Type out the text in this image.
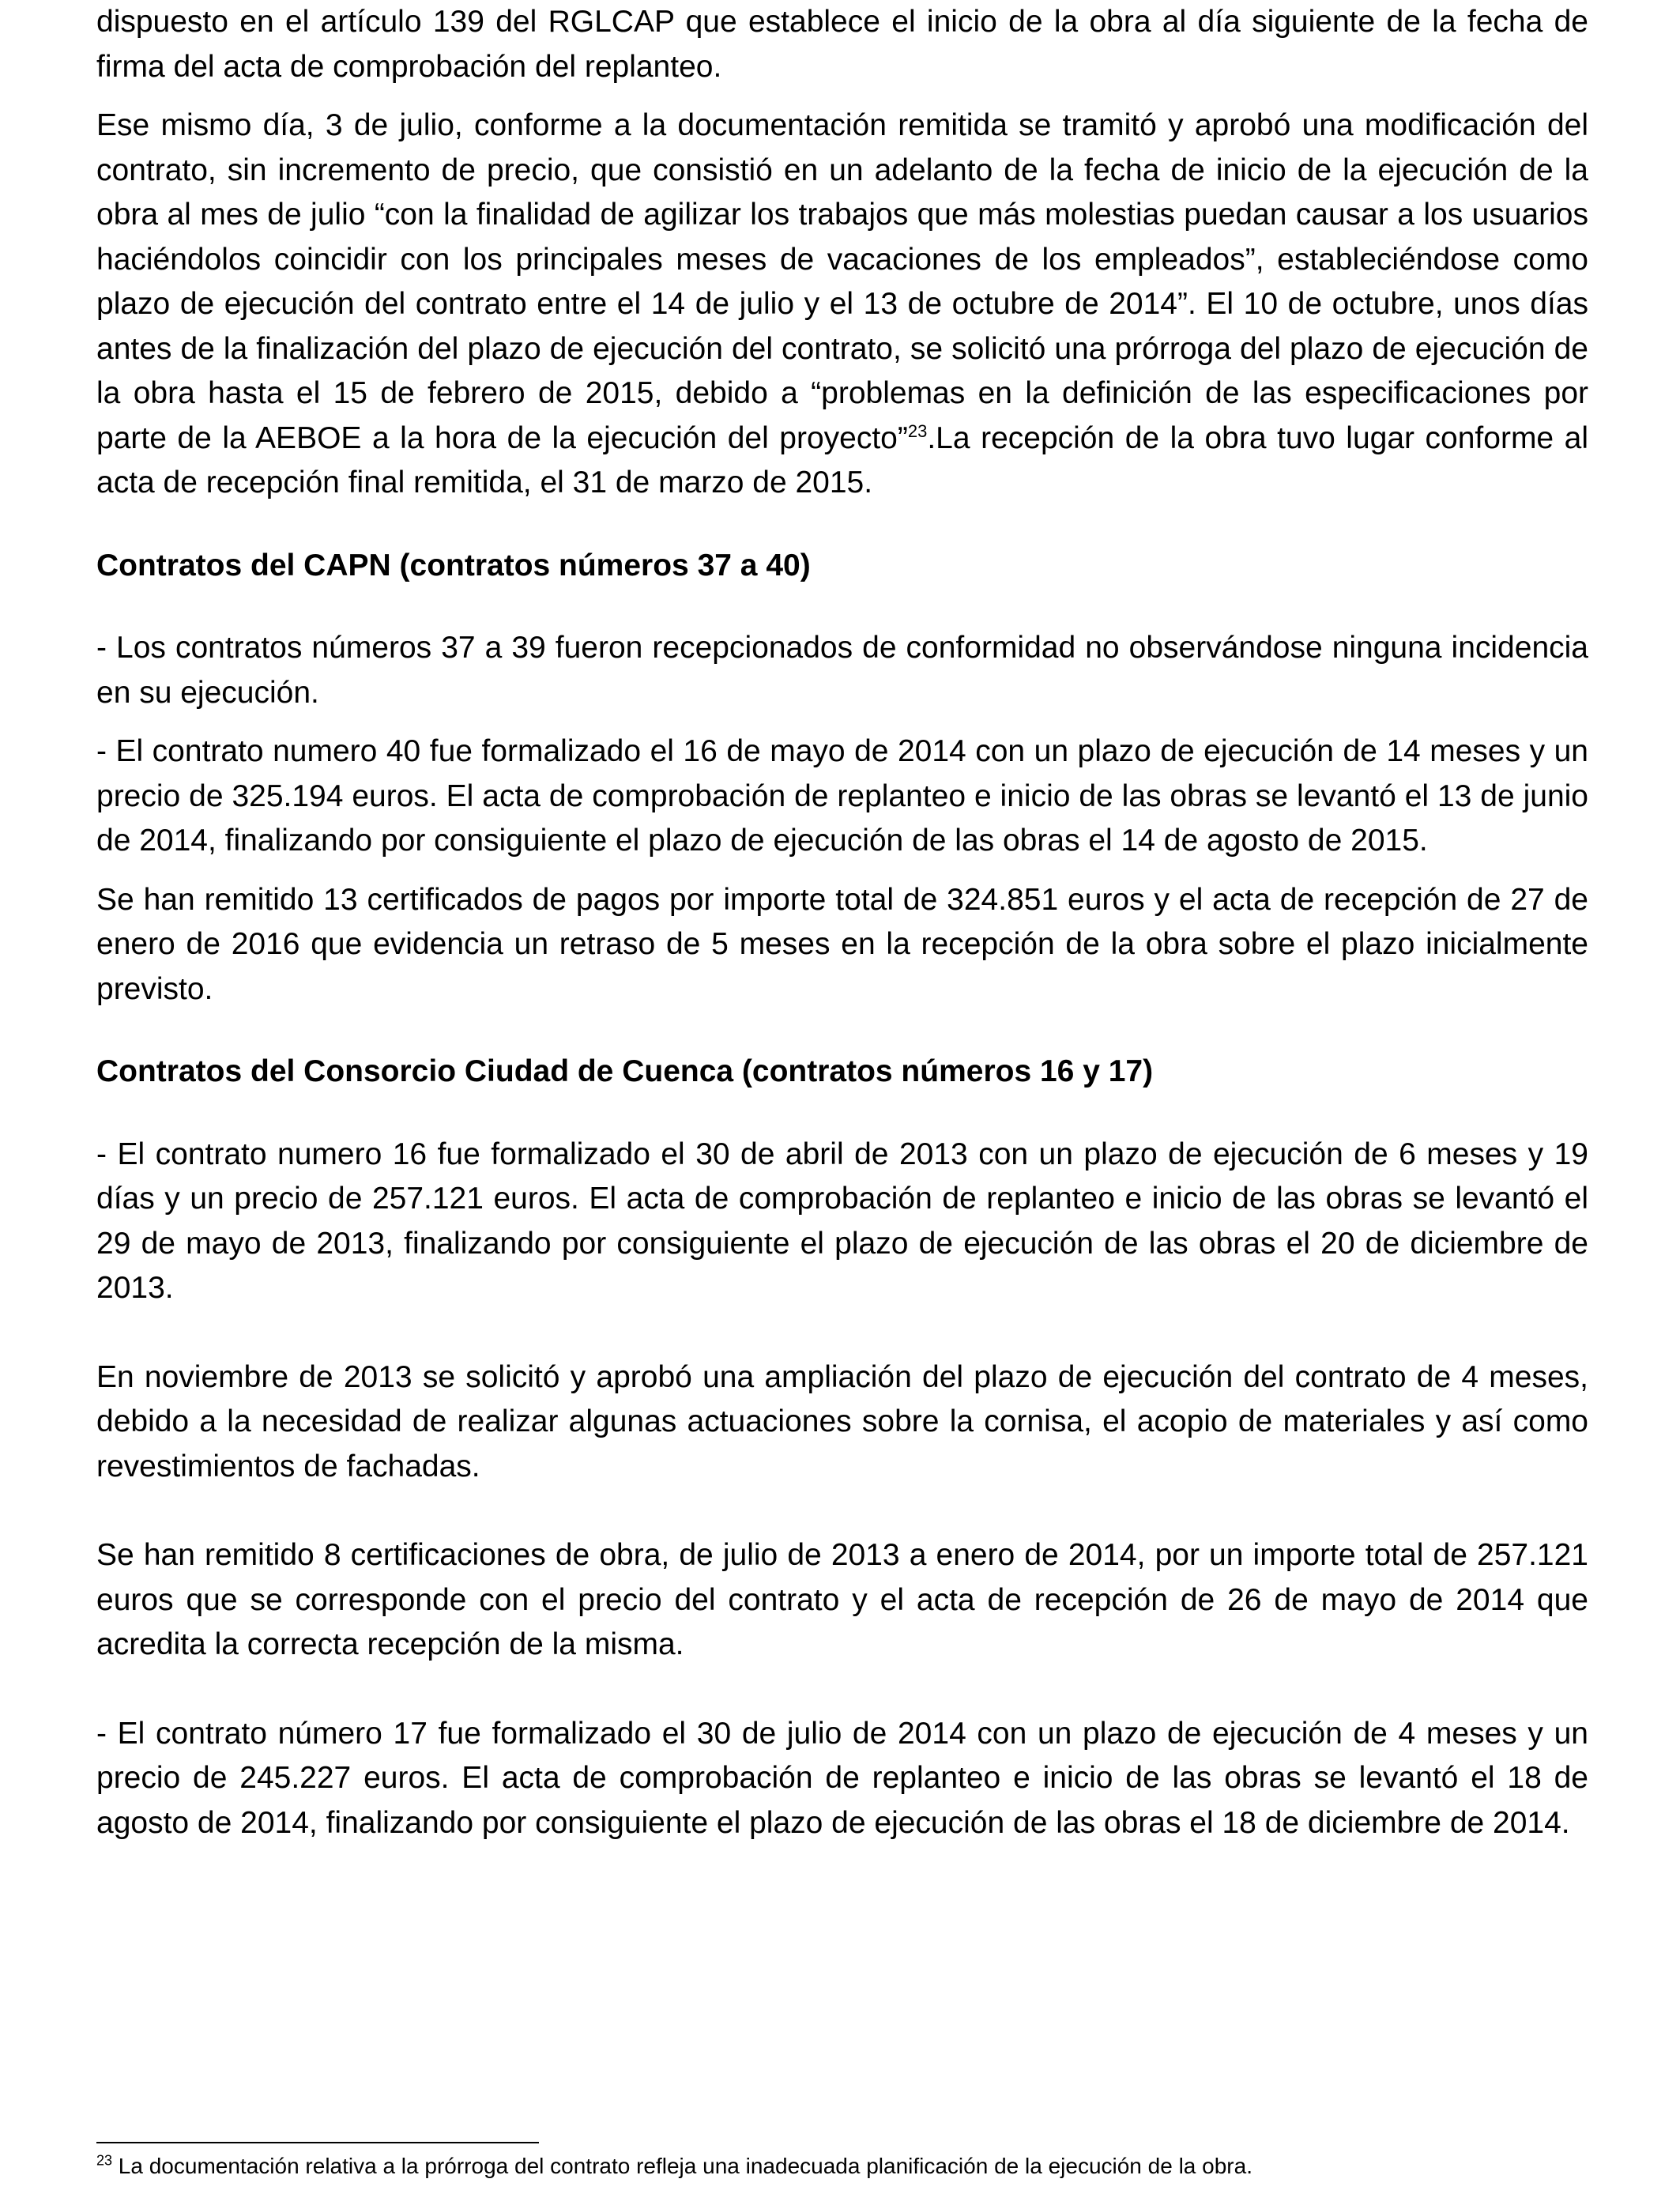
dispuesto en el artículo 139 del RGLCAP que establece el inicio de la obra al día siguiente de la fecha de firma del acta de comprobación del replanteo.

Ese mismo día, 3 de julio, conforme a la documentación remitida se tramitó y aprobó una modificación del contrato, sin incremento de precio, que consistió en un adelanto de la fecha de inicio de la ejecución de la obra al mes de julio “con la finalidad de agilizar los trabajos que más molestias puedan causar a los usuarios haciéndolos coincidir con los principales meses de vacaciones de los empleados”, estableciéndose como plazo de ejecución del contrato entre el 14 de julio y el 13 de octubre de 2014”. El 10 de octubre, unos días antes de la finalización del plazo de ejecución del contrato, se solicitó una prórroga del plazo de ejecución de la obra hasta el 15 de febrero de 2015, debido a “problemas en la definición de las especificaciones por parte de la AEBOE a la hora de la ejecución del proyecto”$^{23}$.La recepción de la obra tuvo lugar conforme al acta de recepción final remitida, el 31 de marzo de 2015.

Contratos del CAPN (contratos números 37 a 40)

- Los contratos números 37 a 39 fueron recepcionados de conformidad no observándose ninguna incidencia en su ejecución.

- El contrato numero 40 fue formalizado el 16 de mayo de 2014 con un plazo de ejecución de 14 meses y un precio de 325.194 euros. El acta de comprobación de replanteo e inicio de las obras se levantó el 13 de junio de 2014, finalizando por consiguiente el plazo de ejecución de las obras el 14 de agosto de 2015.

Se han remitido 13 certificados de pagos por importe total de 324.851 euros y el acta de recepción de 27 de enero de 2016 que evidencia un retraso de 5 meses en la recepción de la obra sobre el plazo inicialmente previsto.

Contratos del Consorcio Ciudad de Cuenca (contratos números 16 y 17)

- El contrato numero 16 fue formalizado el 30 de abril de 2013 con un plazo de ejecución de 6 meses y 19 días y un precio de 257.121 euros. El acta de comprobación de replanteo e inicio de las obras se levantó el 29 de mayo de 2013, finalizando por consiguiente el plazo de ejecución de las obras el 20 de diciembre de 2013.

En noviembre de 2013 se solicitó y aprobó una ampliación del plazo de ejecución del contrato de 4 meses, debido a la necesidad de realizar algunas actuaciones sobre la cornisa, el acopio de materiales y así como revestimientos de fachadas.

Se han remitido 8 certificaciones de obra, de julio de 2013 a enero de 2014, por un importe total de 257.121 euros que se corresponde con el precio del contrato y el acta de recepción de 26 de mayo de 2014 que acredita la correcta recepción de la misma.

- El contrato número 17 fue formalizado el 30 de julio de 2014 con un plazo de ejecución de 4 meses y un precio de 245.227 euros. El acta de comprobación de replanteo e inicio de las obras se levantó el 18 de agosto de 2014, finalizando por consiguiente el plazo de ejecución de las obras el 18 de diciembre de 2014.

$^{23}$ La documentación relativa a la prórroga del contrato refleja una inadecuada planificación de la ejecución de la obra.
